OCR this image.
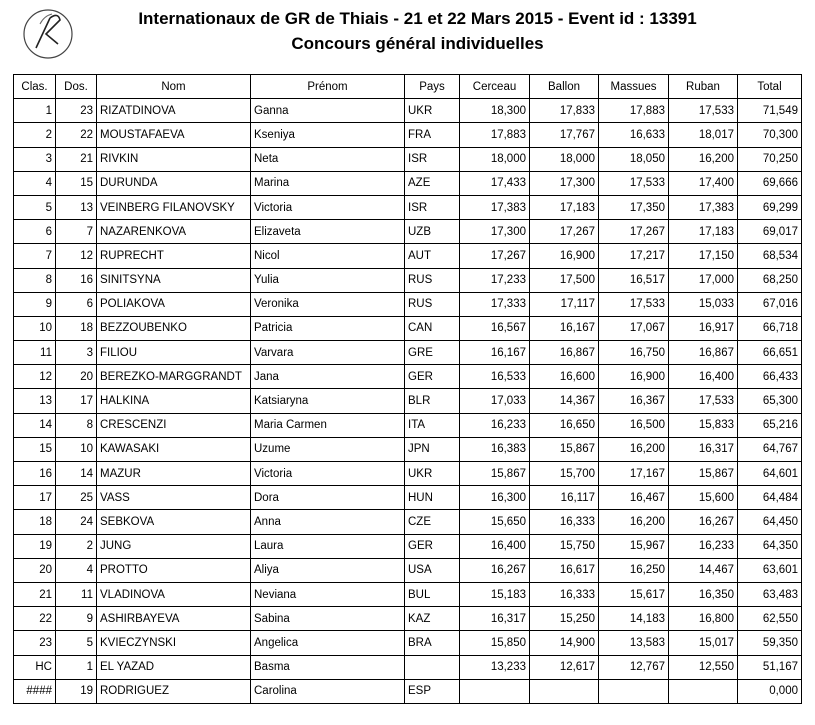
Internationaux de GR de Thiais - 21 et 22 Mars 2015 - Event id : 13391
Concours général individuelles
Clas.	Dos.	Nom	Prénom	Pays	Cerceau	Ballon	Massues	Ruban	Total
1	23	RIZATDINOVA	Ganna	UKR	18,300	17,833	17,883	17,533	71,549
2	22	MOUSTAFAEVA	Kseniya	FRA	17,883	17,767	16,633	18,017	70,300
3	21	RIVKIN	Neta	ISR	18,000	18,000	18,050	16,200	70,250
4	15	DURUNDA	Marina	AZE	17,433	17,300	17,533	17,400	69,666
5	13	VEINBERG FILANOVSKY	Victoria	ISR	17,383	17,183	17,350	17,383	69,299
6	7	NAZARENKOVA	Elizaveta	UZB	17,300	17,267	17,267	17,183	69,017
7	12	RUPRECHT	Nicol	AUT	17,267	16,900	17,217	17,150	68,534
8	16	SINITSYNA	Yulia	RUS	17,233	17,500	16,517	17,000	68,250
9	6	POLIAKOVA	Veronika	RUS	17,333	17,117	17,533	15,033	67,016
10	18	BEZZOUBENKO	Patricia	CAN	16,567	16,167	17,067	16,917	66,718
11	3	FILIOU	Varvara	GRE	16,167	16,867	16,750	16,867	66,651
12	20	BEREZKO-MARGGRANDT	Jana	GER	16,533	16,600	16,900	16,400	66,433
13	17	HALKINA	Katsiaryna	BLR	17,033	14,367	16,367	17,533	65,300
14	8	CRESCENZI	Maria Carmen	ITA	16,233	16,650	16,500	15,833	65,216
15	10	KAWASAKI	Uzume	JPN	16,383	15,867	16,200	16,317	64,767
16	14	MAZUR	Victoria	UKR	15,867	15,700	17,167	15,867	64,601
17	25	VASS	Dora	HUN	16,300	16,117	16,467	15,600	64,484
18	24	SEBKOVA	Anna	CZE	15,650	16,333	16,200	16,267	64,450
19	2	JUNG	Laura	GER	16,400	15,750	15,967	16,233	64,350
20	4	PROTTO	Aliya	USA	16,267	16,617	16,250	14,467	63,601
21	11	VLADINOVA	Neviana	BUL	15,183	16,333	15,617	16,350	63,483
22	9	ASHIRBAYEVA	Sabina	KAZ	16,317	15,250	14,183	16,800	62,550
23	5	KVIECZYNSKI	Angelica	BRA	15,850	14,900	13,583	15,017	59,350
HC	1	EL YAZAD	Basma		13,233	12,617	12,767	12,550	51,167
####	19	RODRIGUEZ	Carolina	ESP					0,000
